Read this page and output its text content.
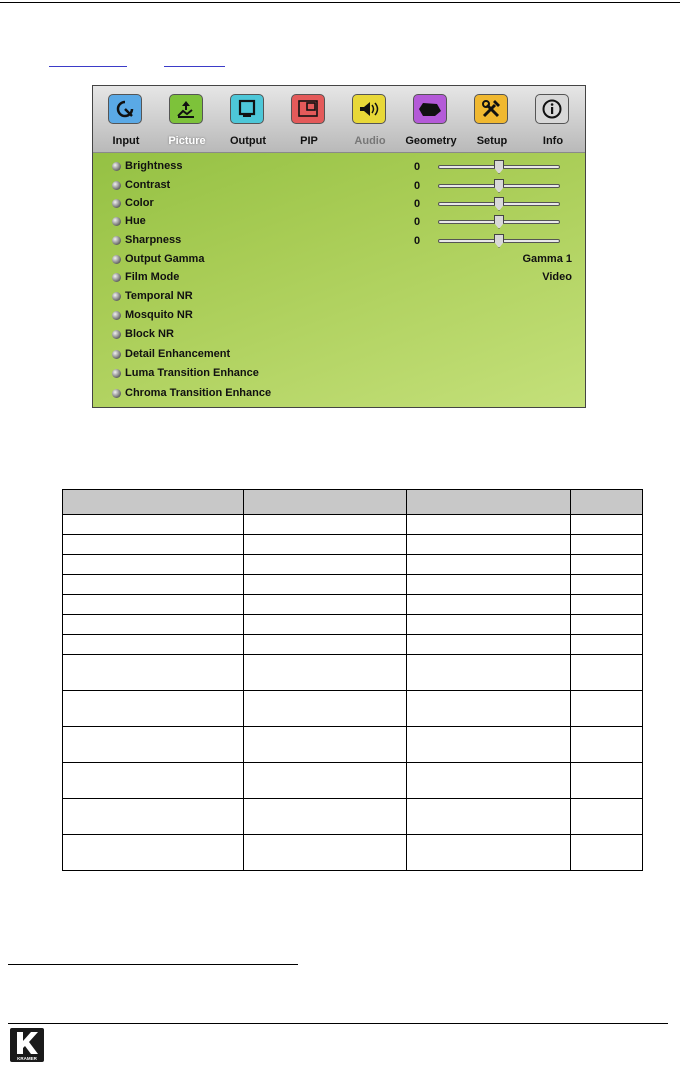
Input	Picture	Output	PIP	Audio	Geometry	Setup	Info
Brightness	0
Contrast	0
Color	0
Hue	0
Sharpness	0
Output Gamma	Gamma 1
Film Mode	Video
Temporal NR
Mosquito NR
Block NR
Detail Enhancement
Luma Transition Enhance
Chroma Transition Enhance

KRAMER
